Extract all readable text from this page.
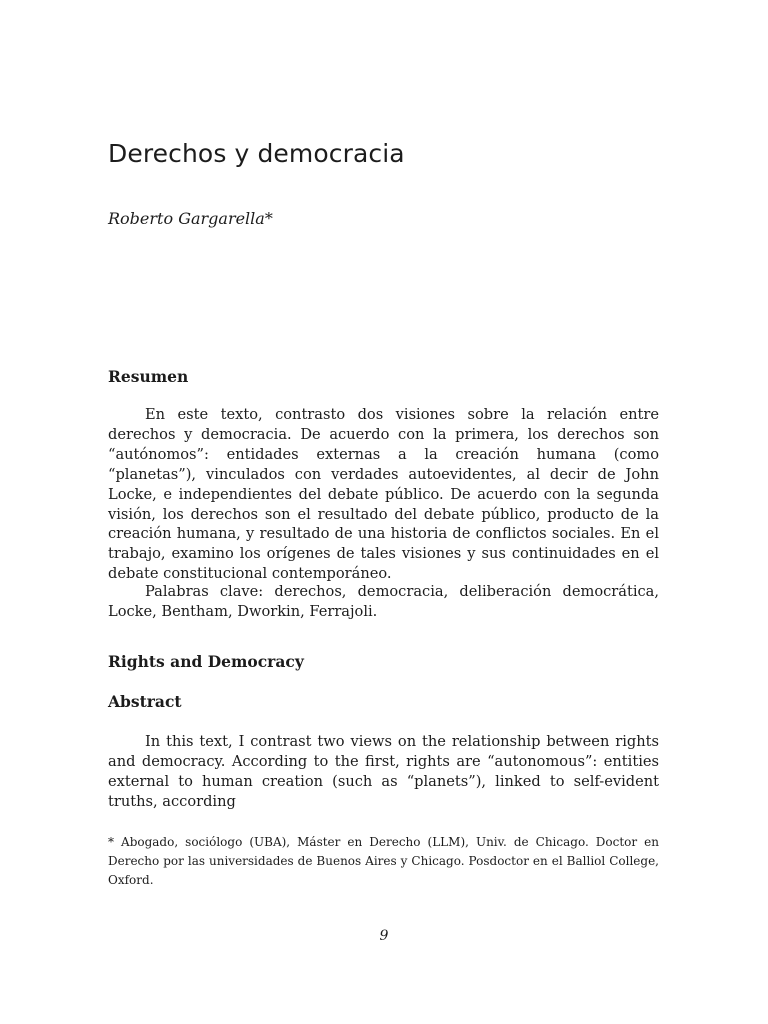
Derechos y democracia

Roberto Gargarella*

Resumen

En este texto, contrasto dos visiones sobre la relación entre derechos y democracia. De acuerdo con la primera, los derechos son “autónomos”: entidades externas a la creación humana (como “planetas”), vinculados con verdades autoevidentes, al decir de John Locke, e independientes del debate público. De acuerdo con la segunda visión, los derechos son el resultado del debate público, producto de la creación humana, y resultado de una historia de conflictos sociales. En el trabajo, examino los orígenes de tales visiones y sus continuidades en el debate constitucional contemporáneo.

Palabras clave: derechos, democracia, deliberación democrática, Locke, Bentham, Dworkin, Ferrajoli.

Rights and Democracy
Abstract

In this text, I contrast two views on the relationship between rights and democracy. According to the first, rights are “autonomous”: entities external to human creation (such as “planets”), linked to self-evident truths, according

* Abogado, sociólogo (UBA), Máster en Derecho (LLM), Univ. de Chicago. Doctor en Derecho por las universidades de Buenos Aires y Chicago. Posdoctor en el Balliol College, Oxford.

9
